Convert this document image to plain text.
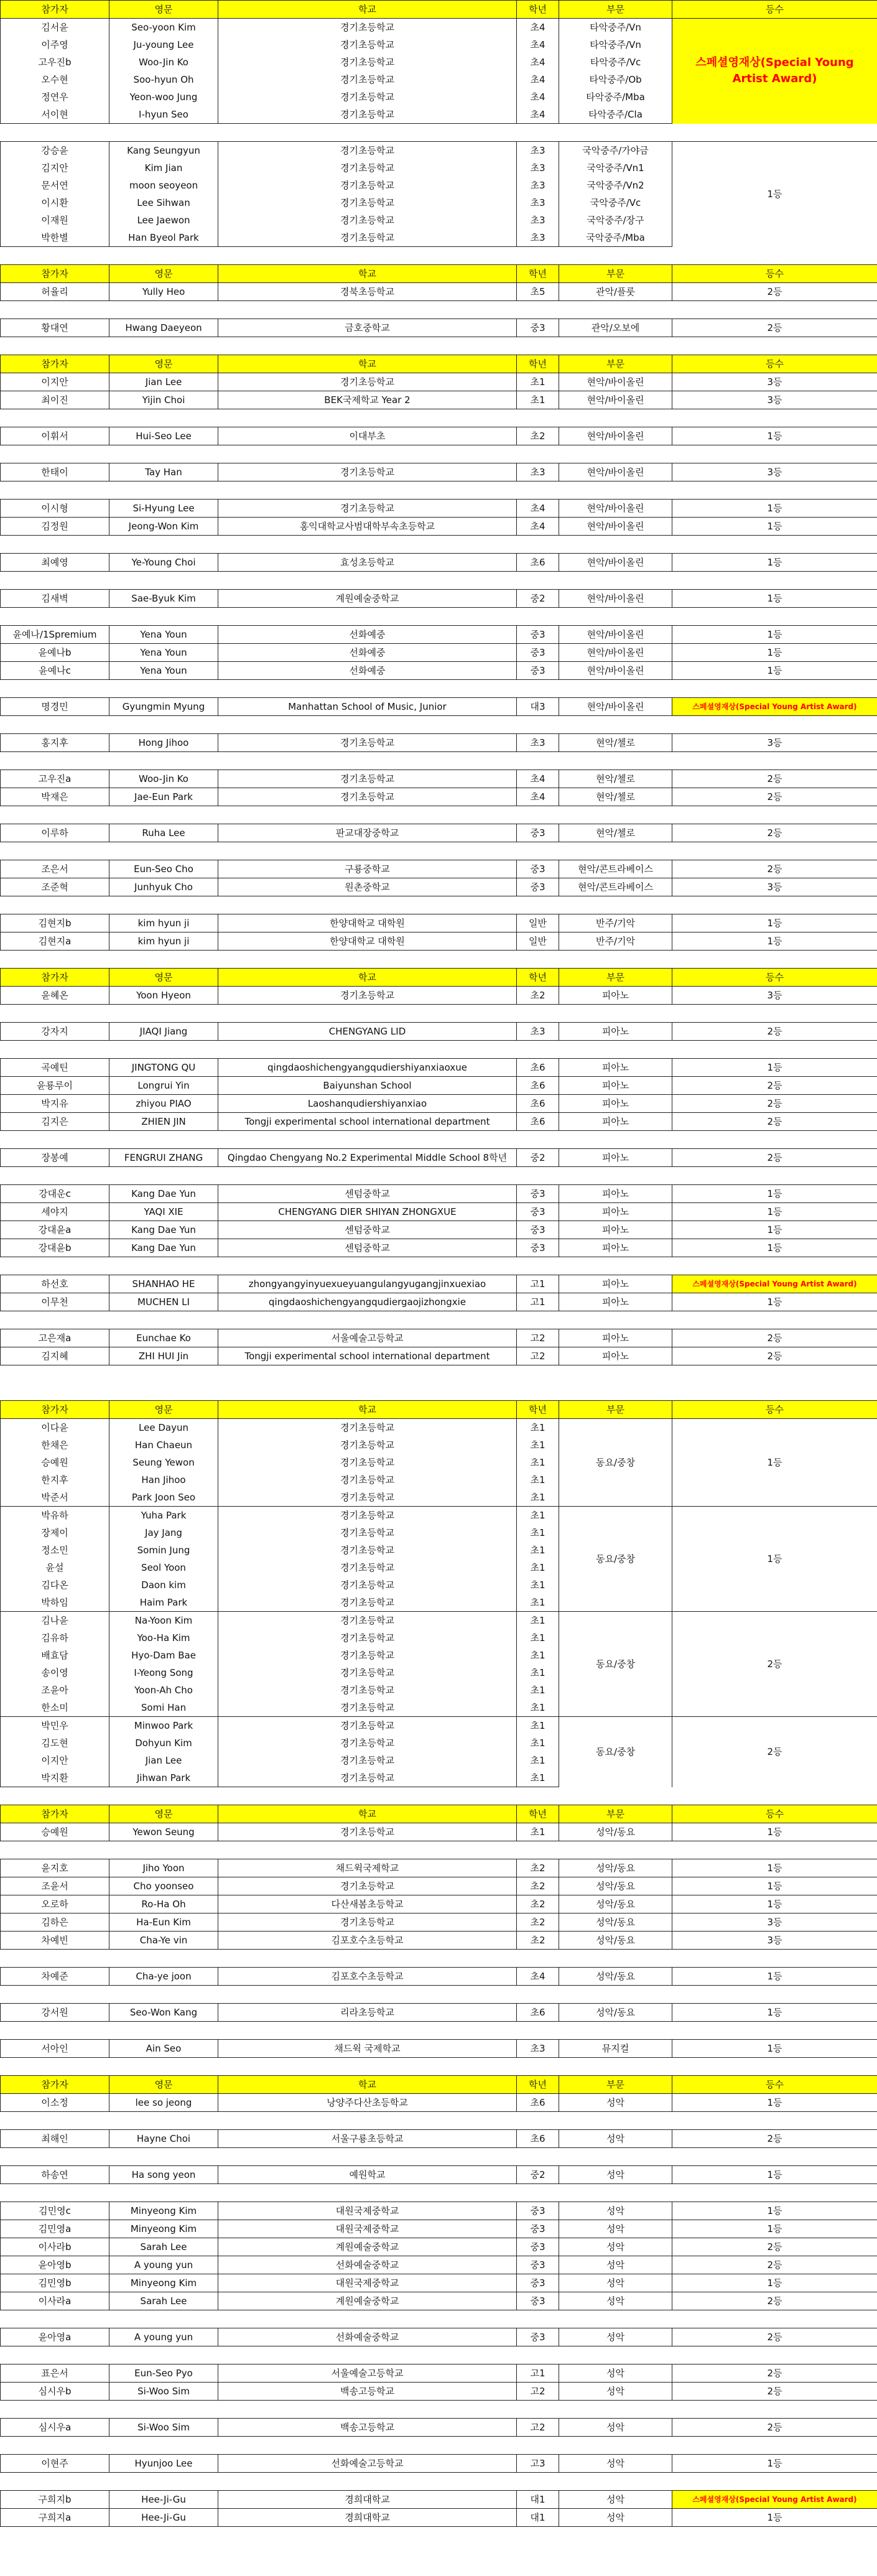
참가자	영문	학교	학년	부문	등수
김서윤	Seo-yoon Kim	경기초등학교	초4	타악중주/Vn	스페셜영재상(Special Young Artist Award)
이주영	Ju-young Lee	경기초등학교	초4	타악중주/Vn	
고우진b	Woo-Jin Ko	경기초등학교	초4	타악중주/Vc	
오수현	Soo-hyun Oh	경기초등학교	초4	타악중주/Ob	
정연우	Yeon-woo Jung	경기초등학교	초4	타악중주/Mba	
서이현	I-hyun Seo	경기초등학교	초4	타악중주/Cla	

강승윤	Kang Seungyun	경기초등학교	초3	국악중주/가야금	1등
김지안	Kim Jian	경기초등학교	초3	국악중주/Vn1	
문서연	moon seoyeon	경기초등학교	초3	국악중주/Vn2	
이시환	Lee Sihwan	경기초등학교	초3	국악중주/Vc	
이재원	Lee Jaewon	경기초등학교	초3	국악중주/장구	
박한별	Han Byeol Park	경기초등학교	초3	국악중주/Mba	

참가자	영문	학교	학년	부문	등수
허율리	Yully Heo	경북초등학교	초5	관악/플룻	2등

황대연	Hwang Daeyeon	금호중학교	중3	관악/오보에	2등

참가자	영문	학교	학년	부문	등수
이지안	Jian Lee	경기초등학교	초1	현악/바이올린	3등
최이진	Yijin Choi	BEK국제학교 Year 2	초1	현악/바이올린	3등

이휘서	Hui-Seo Lee	이대부초	초2	현악/바이올린	1등

한태이	Tay Han	경기초등학교	초3	현악/바이올린	3등

이시형	Si-Hyung Lee	경기초등학교	초4	현악/바이올린	1등
김정원	Jeong-Won Kim	홍익대학교사범대학부속초등학교	초4	현악/바이올린	1등

최예영	Ye-Young Choi	효성초등학교	초6	현악/바이올린	1등

김새벽	Sae-Byuk Kim	계원예술중학교	중2	현악/바이올린	1등

윤예나/1Spremium	Yena Youn	선화예중	중3	현악/바이올린	1등
윤예나b	Yena Youn	선화예중	중3	현악/바이올린	1등
윤예나c	Yena Youn	선화예중	중3	현악/바이올린	1등

명경민	Gyungmin Myung	Manhattan School of Music, Junior	대3	현악/바이올린	스페셜영재상(Special Young Artist Award)

홍지후	Hong Jihoo	경기초등학교	초3	현악/첼로	3등

고우진a	Woo-Jin Ko	경기초등학교	초4	현악/첼로	2등
박재은	Jae-Eun Park	경기초등학교	초4	현악/첼로	2등

이루하	Ruha Lee	판교대장중학교	중3	현악/첼로	2등

조은서	Eun-Seo Cho	구룡중학교	중3	현악/콘트라베이스	2등
조준혁	Junhyuk Cho	원촌중학교	중3	현악/콘트라베이스	3등

김현지b	kim hyun ji	한양대학교 대학원	일반	반주/기악	1등
김현지a	kim hyun ji	한양대학교 대학원	일반	반주/기악	1등

참가자	영문	학교	학년	부문	등수
윤혜온	Yoon Hyeon	경기초등학교	초2	피아노	3등

강자지	JIAQI Jiang	CHENGYANG LID	초3	피아노	2등

곡예틴	JINGTONG QU	qingdaoshichengyangqudiershiyanxiaoxue	초6	피아노	1등
윤룡루이	Longrui Yin	Baiyunshan School	초6	피아노	2등
박지유	zhiyou PIAO	Laoshanqudiershiyanxiao	초6	피아노	2등
김지은	ZHIEN JIN	Tongji experimental school international department	초6	피아노	2등

장봉예	FENGRUI ZHANG	Qingdao Chengyang No.2 Experimental Middle School 8학년	중2	피아노	2등

강대운c	Kang Dae Yun	센텀중학교	중3	피아노	1등
세야지	YAQI XIE	CHENGYANG DIER SHIYAN ZHONGXUE	중3	피아노	1등
강대윤a	Kang Dae Yun	센텀중학교	중3	피아노	1등
강대윤b	Kang Dae Yun	센텀중학교	중3	피아노	1등

하선호	SHANHAO HE	zhongyangyinyuexueyuangulangyugangjinxuexiao	고1	피아노	스페셜영재상(Special Young Artist Award)
이무천	MUCHEN LI	qingdaoshichengyangqudiergaojizhongxie	고1	피아노	1등

고은재a	Eunchae Ko	서울예술고등학교	고2	피아노	2등
김지혜	ZHI HUI Jin	Tongji experimental school international department	고2	피아노	2등

참가자	영문	학교	학년	부문	등수
이다윤	Lee Dayun	경기초등학교	초1	동요/중창	1등
한채은	Han Chaeun	경기초등학교	초1		
승예원	Seung Yewon	경기초등학교	초1		
한지후	Han Jihoo	경기초등학교	초1		
박준서	Park Joon Seo	경기초등학교	초1		
박유하	Yuha Park	경기초등학교	초1	동요/중창	1등
장제이	Jay Jang	경기초등학교	초1		
정소민	Somin Jung	경기초등학교	초1		
윤설	Seol Yoon	경기초등학교	초1		
김다온	Daon kim	경기초등학교	초1		
박하임	Haim Park	경기초등학교	초1		
김나윤	Na-Yoon Kim	경기초등학교	초1	동요/중창	2등
김유하	Yoo-Ha Kim	경기초등학교	초1		
배효담	Hyo-Dam Bae	경기초등학교	초1		
송이영	I-Yeong Song	경기초등학교	초1		
조윤아	Yoon-Ah Cho	경기초등학교	초1		
한소미	Somi Han	경기초등학교	초1		
박민우	Minwoo Park	경기초등학교	초1	동요/중창	2등
김도현	Dohyun Kim	경기초등학교	초1		
이지안	Jian Lee	경기초등학교	초1		
박지환	Jihwan Park	경기초등학교	초1		

참가자	영문	학교	학년	부문	등수
승예원	Yewon Seung	경기초등학교	초1	성악/동요	1등

윤지호	Jiho Yoon	채드윅국제학교	초2	성악/동요	1등
조윤서	Cho yoonseo	경기초등학교	초2	성악/동요	1등
오로하	Ro-Ha Oh	다산새봄초등학교	초2	성악/동요	1등
김하은	Ha-Eun Kim	경기초등학교	초2	성악/동요	3등
차예빈	Cha-Ye vin	김포호수초등학교	초2	성악/동요	3등

차예준	Cha-ye joon	김포호수초등학교	초4	성악/동요	1등

강서원	Seo-Won Kang	리라초등학교	초6	성악/동요	1등

서아인	Ain Seo	채드윅 국제학교	초3	뮤지컬	1등

참가자	영문	학교	학년	부문	등수
이소정	lee so jeong	낭양주다산초등학교	초6	성악	1등

최해인	Hayne Choi	서울구룡초등학교	초6	성악	2등

하송연	Ha song yeon	예원학교	중2	성악	1등

김민영c	Minyeong Kim	대원국제중학교	중3	성악	1등
김민영a	Minyeong Kim	대원국제중학교	중3	성악	1등
이사라b	Sarah Lee	계원예술중학교	중3	성악	2등
윤아영b	A young yun	선화예술중학교	중3	성악	2등
김민영b	Minyeong Kim	대원국제중학교	중3	성악	1등
이사라a	Sarah Lee	계원예술중학교	중3	성악	2등

윤아영a	A young yun	선화예술중학교	중3	성악	2등

표은서	Eun-Seo Pyo	서울예술고등학교	고1	성악	2등
심시우b	Si-Woo Sim	백송고등학교	고2	성악	2등

심시우a	Si-Woo Sim	백송고등학교	고2	성악	2등

이현주	Hyunjoo Lee	선화예술고등학교	고3	성악	1등

구희지b	Hee-Ji-Gu	경희대학교	대1	성악	스페셜영재상(Special Young Artist Award)
구희지a	Hee-Ji-Gu	경희대학교	대1	성악	1등
